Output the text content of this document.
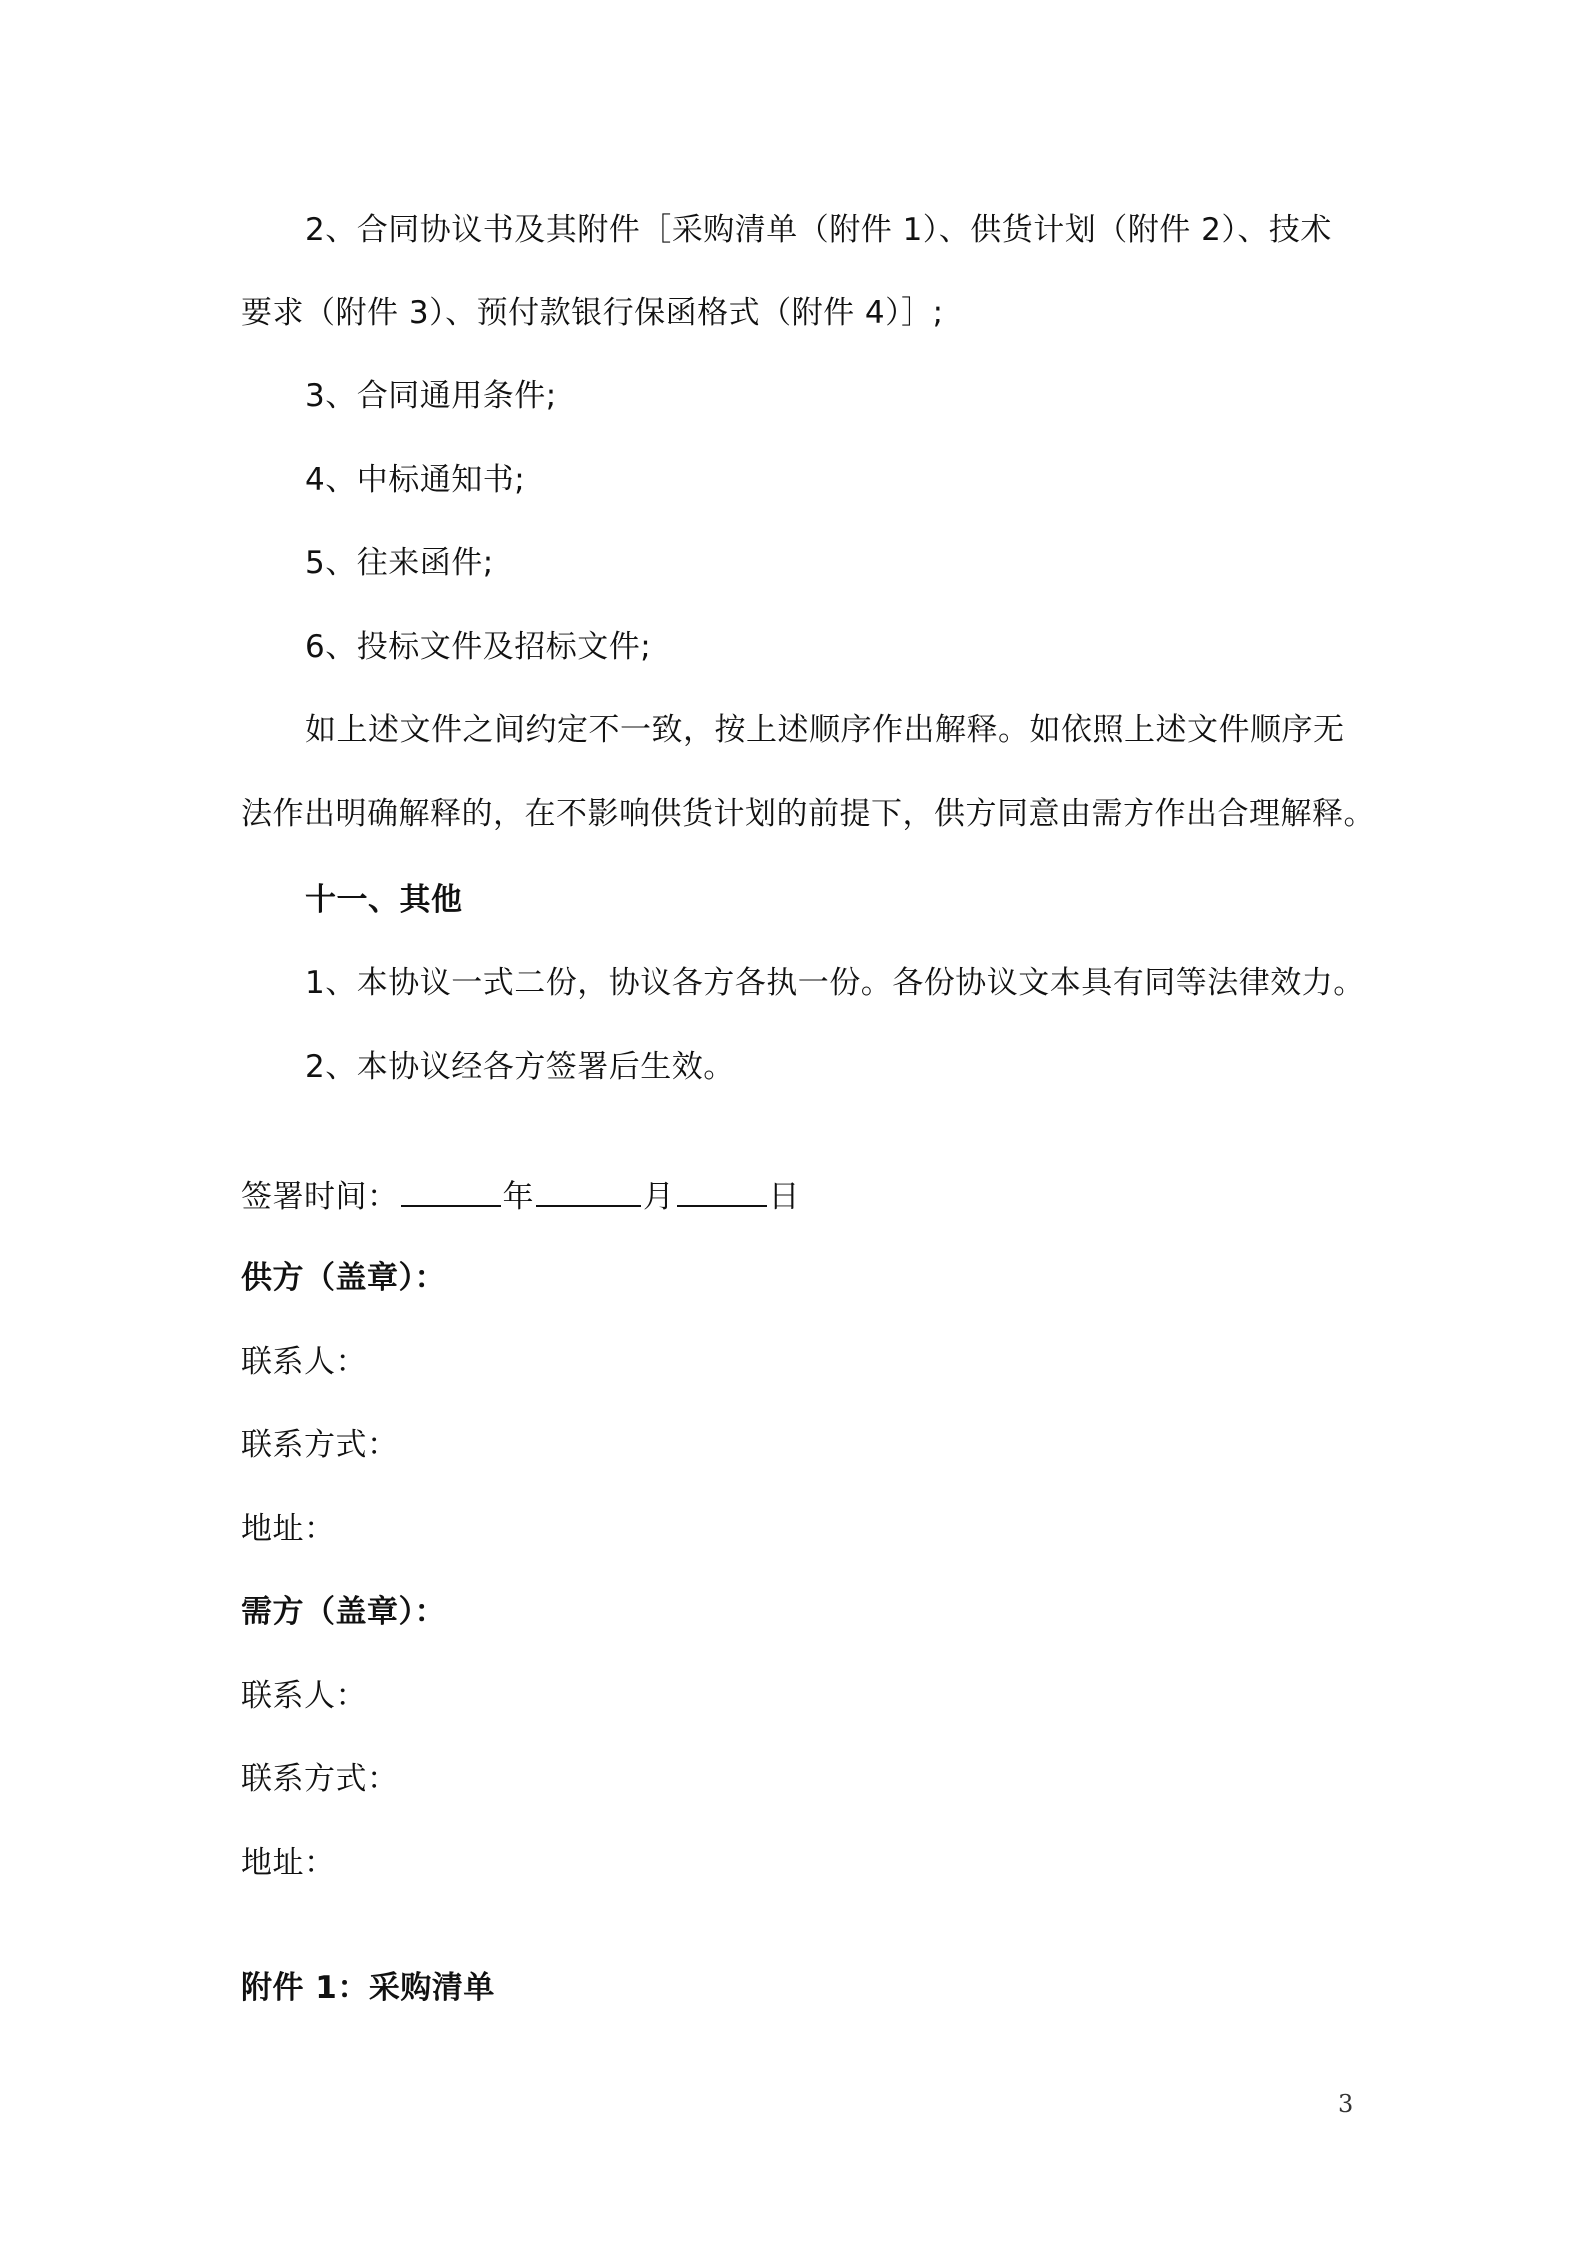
2、合同协议书及其附件［采购清单（附件 1）、供货计划（附件 2）、技术
要求（附件 3）、预付款银行保函格式（附件 4）］;
3、合同通用条件;
4、中标通知书;
5、往来函件;
6、投标文件及招标文件;
如上述文件之间约定不一致，按上述顺序作出解释。如依照上述文件顺序无
法作出明确解释的，在不影响供货计划的前提下，供方同意由需方作出合理解释。
十一、其他
1、本协议一式二份，协议各方各执一份。各份协议文本具有同等法律效力。
2、本协议经各方签署后生效。
签署时间：	年	月	日
供方（盖章）：
联系人：
联系方式：
地址：
需方（盖章）：
联系人：
联系方式：
地址：
附件 1：采购清单
3
